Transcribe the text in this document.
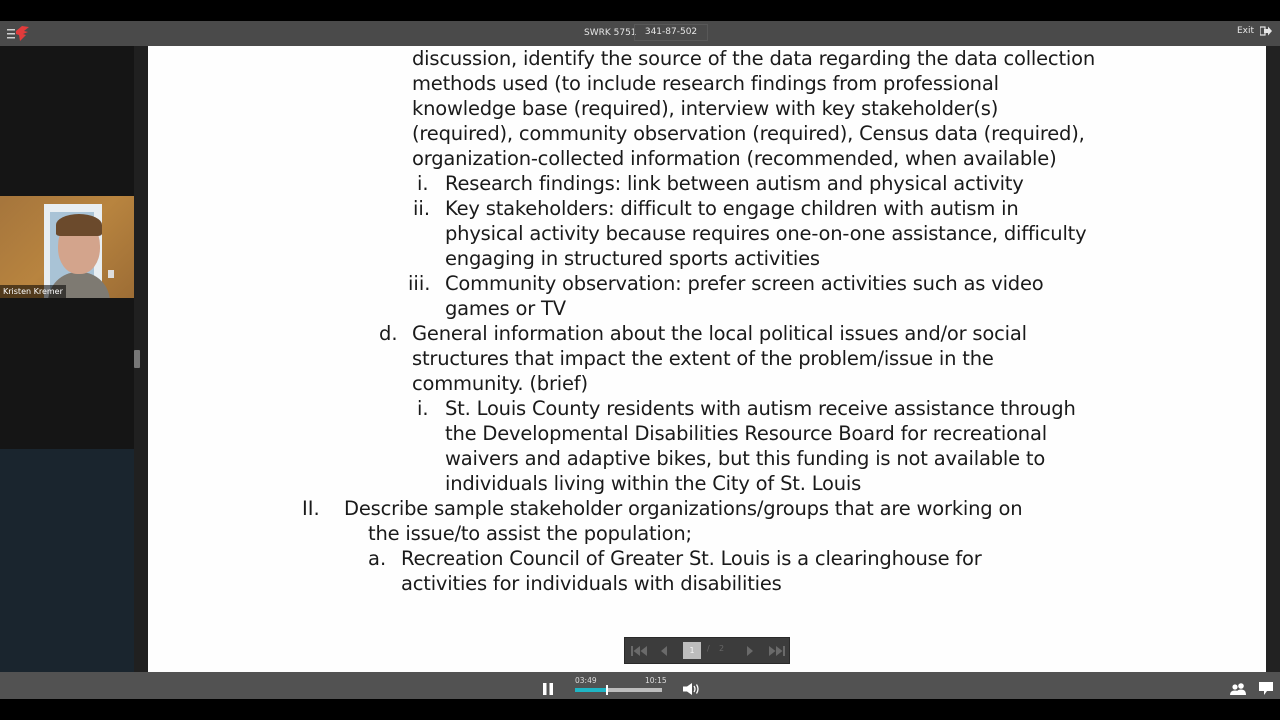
SWRK 5751 341-87-502	Exit
Kristen Kremer
discussion, identify the source of the data regarding the data collection
methods used (to include research findings from professional
knowledge base (required), interview with key stakeholder(s)
(required), community observation (required), Census data (required),
organization-collected information (recommended, when available)
i. Research findings: link between autism and physical activity
ii. Key stakeholders: difficult to engage children with autism in
physical activity because requires one-on-one assistance, difficulty
engaging in structured sports activities
iii. Community observation: prefer screen activities such as video
games or TV
d. General information about the local political issues and/or social
structures that impact the extent of the problem/issue in the
community. (brief)
i. St. Louis County residents with autism receive assistance through
the Developmental Disabilities Resource Board for recreational
waivers and adaptive bikes, but this funding is not available to
individuals living within the City of St. Louis
II. Describe sample stakeholder organizations/groups that are working on
the issue/to assist the population;
a. Recreation Council of Greater St. Louis is a clearinghouse for
activities for individuals with disabilities
1	/ 2
03:49	10:15
